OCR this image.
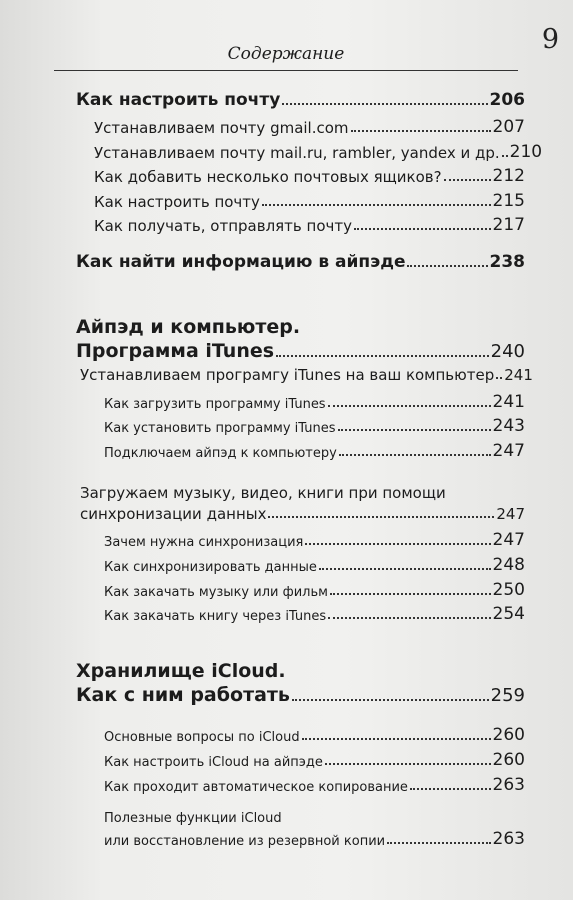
9
Содержание
Как настроить почту	206
Устанавливаем почту gmail.com	207
Устанавливаем почту mail.ru, rambler, yandex и др. 210
Как добавить несколько почтовых ящиков?	212
Как настроить почту	215
Как получать, отправлять почту	217
Как найти информацию в айпэде	238
Айпэд и компьютер.
Программа iTunes	240
Устанавливаем програмгу iTunes на ваш компьютер 241
Как загрузить программу iTunes	241
Как установить программу iTunes	243
Подключаем айпэд к компьютеру	247
Загружаем музыку, видео, книги при помощи
синхронизации данных	247
Зачем нужна синхронизация	247
Как синхронизировать данные	248
Как закачать музыку или фильм	250
Как закачать книгу через iTunes	254
Хранилище iCloud.
Как с ним работать	259
Основные вопросы по iCloud	260
Как настроить iCloud на айпэде	260
Как проходит автоматическое копирование	263
Полезные функции iCloud
или восстановление из резервной копии	263
